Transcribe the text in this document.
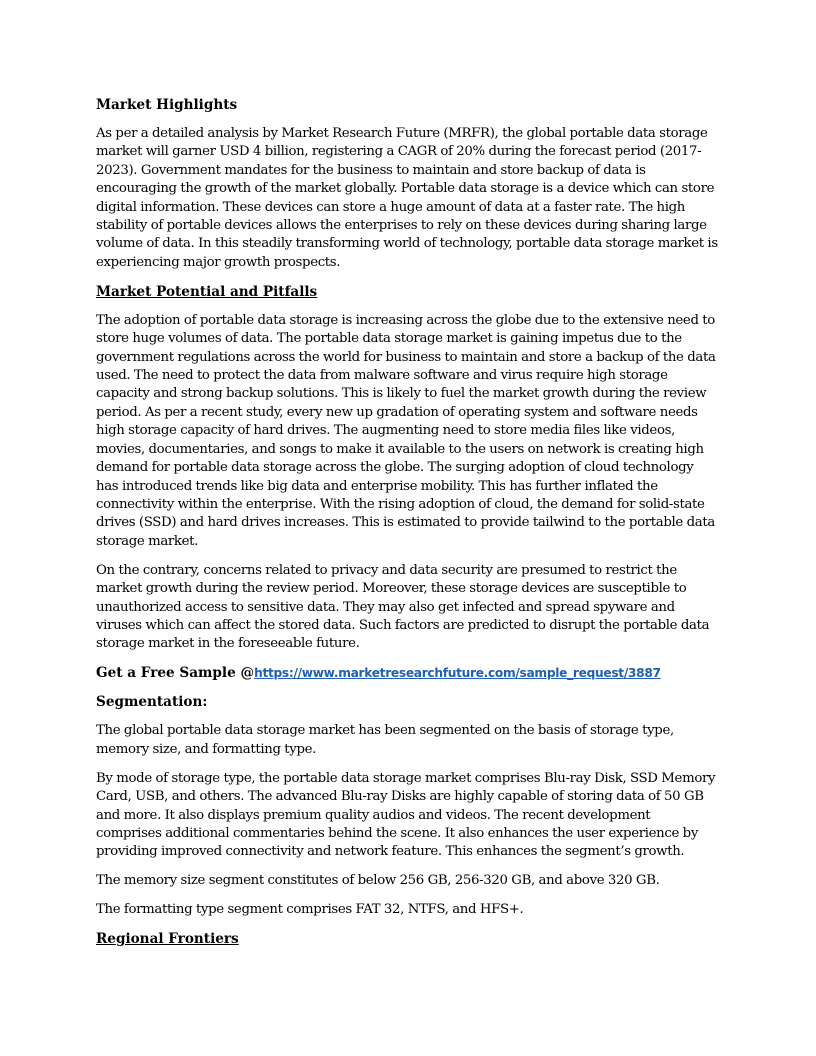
Market Highlights

As per a detailed analysis by Market Research Future (MRFR), the global portable data storage market will garner USD 4 billion, registering a CAGR of 20% during the forecast period (2017-2023). Government mandates for the business to maintain and store backup of data is encouraging the growth of the market globally. Portable data storage is a device which can store digital information. These devices can store a huge amount of data at a faster rate. The high stability of portable devices allows the enterprises to rely on these devices during sharing large volume of data. In this steadily transforming world of technology, portable data storage market is experiencing major growth prospects.

Market Potential and Pitfalls

The adoption of portable data storage is increasing across the globe due to the extensive need to store huge volumes of data. The portable data storage market is gaining impetus due to the government regulations across the world for business to maintain and store a backup of the data used. The need to protect the data from malware software and virus require high storage capacity and strong backup solutions. This is likely to fuel the market growth during the review period. As per a recent study, every new up gradation of operating system and software needs high storage capacity of hard drives. The augmenting need to store media files like videos, movies, documentaries, and songs to make it available to the users on network is creating high demand for portable data storage across the globe. The surging adoption of cloud technology has introduced trends like big data and enterprise mobility. This has further inflated the connectivity within the enterprise. With the rising adoption of cloud, the demand for solid-state drives (SSD) and hard drives increases. This is estimated to provide tailwind to the portable data storage market.

On the contrary, concerns related to privacy and data security are presumed to restrict the market growth during the review period. Moreover, these storage devices are susceptible to unauthorized access to sensitive data. They may also get infected and spread spyware and viruses which can affect the stored data. Such factors are predicted to disrupt the portable data storage market in the foreseeable future.

Get a Free Sample @https://www.marketresearchfuture.com/sample_request/3887
Segmentation:

The global portable data storage market has been segmented on the basis of storage type, memory size, and formatting type.

By mode of storage type, the portable data storage market comprises Blu-ray Disk, SSD Memory Card, USB, and others. The advanced Blu-ray Disks are highly capable of storing data of 50 GB and more. It also displays premium quality audios and videos. The recent development comprises additional commentaries behind the scene. It also enhances the user experience by providing improved connectivity and network feature. This enhances the segment’s growth.

The memory size segment constitutes of below 256 GB, 256-320 GB, and above 320 GB.

The formatting type segment comprises FAT 32, NTFS, and HFS+.

Regional Frontiers
